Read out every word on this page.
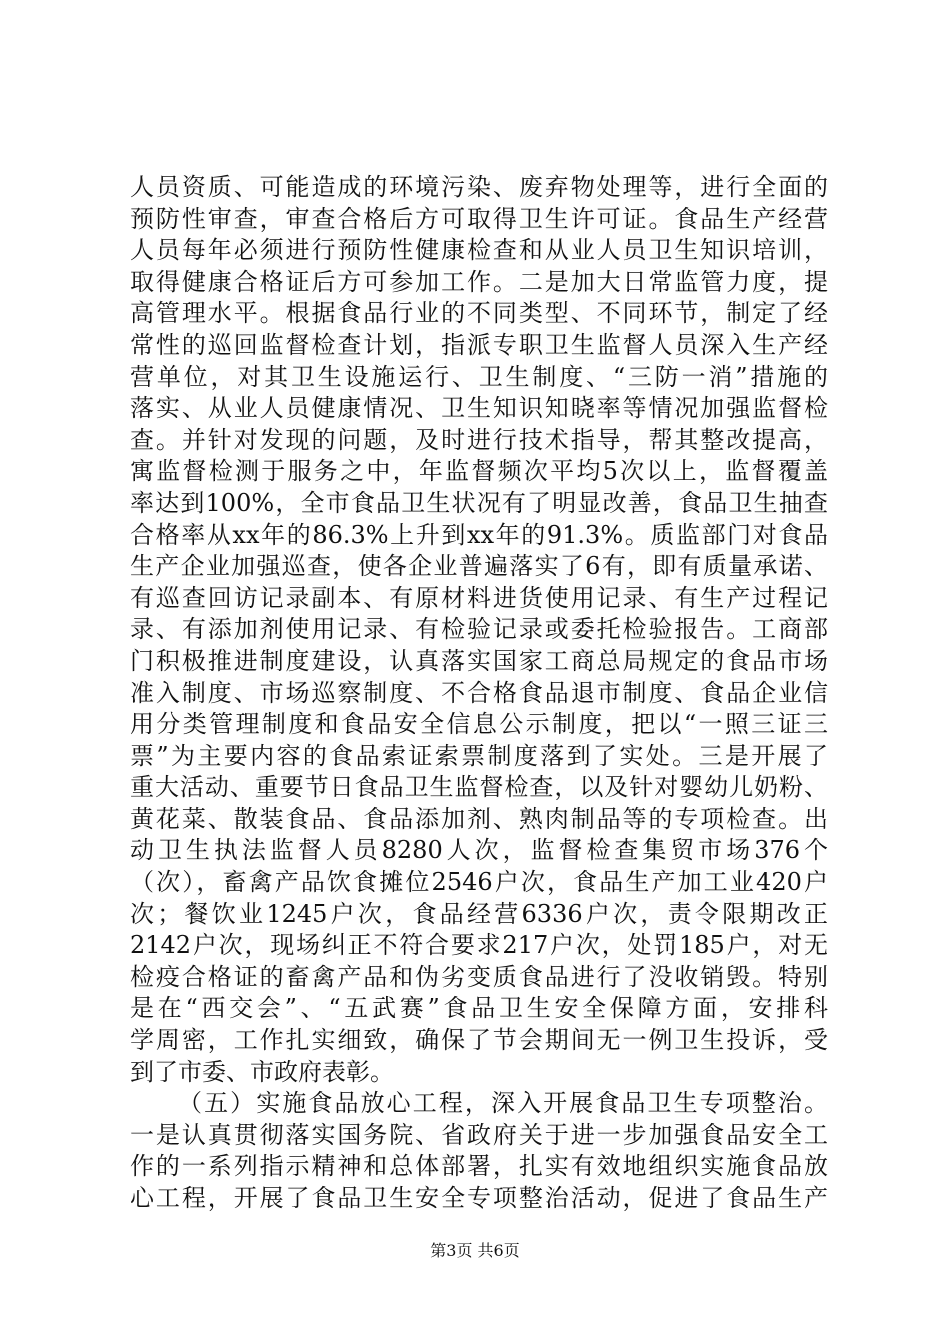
人员资质、可能造成的环境污染、废弃物处理等，进行全面的
预防性审查，审查合格后方可取得卫生许可证。食品生产经营
人员每年必须进行预防性健康检查和从业人员卫生知识培训，
取得健康合格证后方可参加工作。二是加大日常监管力度，提
高管理水平。根据食品行业的不同类型、不同环节，制定了经
常性的巡回监督检查计划，指派专职卫生监督人员深入生产经
营单位，对其卫生设施运行、卫生制度、“三防一消”措施的
落实、从业人员健康情况、卫生知识知晓率等情况加强监督检
查。并针对发现的问题，及时进行技术指导，帮其整改提高，
寓监督检测于服务之中，年监督频次平均5次以上，监督覆盖
率达到100%，全市食品卫生状况有了明显改善，食品卫生抽查
合格率从xx年的86.3%上升到xx年的91.3%。质监部门对食品
生产企业加强巡查，使各企业普遍落实了6有，即有质量承诺、
有巡查回访记录副本、有原材料进货使用记录、有生产过程记
录、有添加剂使用记录、有检验记录或委托检验报告。工商部
门积极推进制度建设，认真落实国家工商总局规定的食品市场
准入制度、市场巡察制度、不合格食品退市制度、食品企业信
用分类管理制度和食品安全信息公示制度，把以“一照三证三
票”为主要内容的食品索证索票制度落到了实处。三是开展了
重大活动、重要节日食品卫生监督检查，以及针对婴幼儿奶粉、
黄花菜、散装食品、食品添加剂、熟肉制品等的专项检查。出
动卫生执法监督人员8280人次，监督检查集贸市场376个
（次），畜禽产品饮食摊位2546户次，食品生产加工业420户
次；餐饮业1245户次，食品经营6336户次，责令限期改正
2142户次，现场纠正不符合要求217户次，处罚185户，对无
检疫合格证的畜禽产品和伪劣变质食品进行了没收销毁。特别
是在“西交会”、“五武赛”食品卫生安全保障方面，安排科
学周密，工作扎实细致，确保了节会期间无一例卫生投诉，受
到了市委、市政府表彰。
（五）实施食品放心工程，深入开展食品卫生专项整治。
一是认真贯彻落实国务院、省政府关于进一步加强食品安全工
作的一系列指示精神和总体部署，扎实有效地组织实施食品放
心工程，开展了食品卫生安全专项整治活动，促进了食品生产
第3页 共6页
